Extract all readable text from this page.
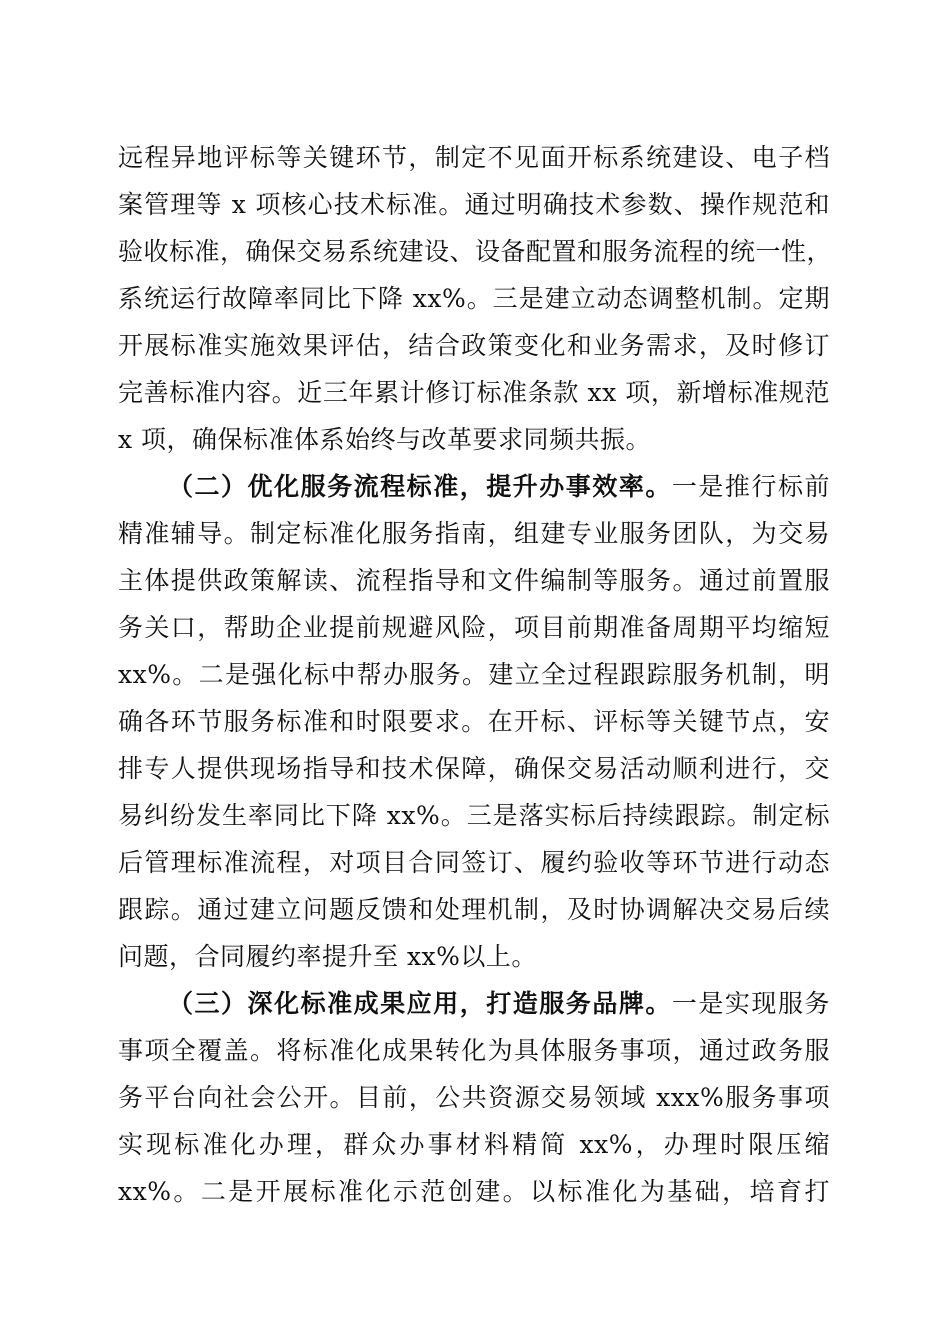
远程异地评标等关键环节，制定不见面开标系统建设、电子档
案管理等 x 项核心技术标准。通过明确技术参数、操作规范和
验收标准，确保交易系统建设、设备配置和服务流程的统一性，
系统运行故障率同比下降 xx%。三是建立动态调整机制。定期
开展标准实施效果评估，结合政策变化和业务需求，及时修订
完善标准内容。近三年累计修订标准条款 xx 项，新增标准规范
x 项，确保标准体系始终与改革要求同频共振。
（二）优化服务流程标准，提升办事效率。一是推行标前
精准辅导。制定标准化服务指南，组建专业服务团队，为交易
主体提供政策解读、流程指导和文件编制等服务。通过前置服
务关口，帮助企业提前规避风险，项目前期准备周期平均缩短
xx%。二是强化标中帮办服务。建立全过程跟踪服务机制，明
确各环节服务标准和时限要求。在开标、评标等关键节点，安
排专人提供现场指导和技术保障，确保交易活动顺利进行，交
易纠纷发生率同比下降 xx%。三是落实标后持续跟踪。制定标
后管理标准流程，对项目合同签订、履约验收等环节进行动态
跟踪。通过建立问题反馈和处理机制，及时协调解决交易后续
问题，合同履约率提升至 xx%以上。
（三）深化标准成果应用，打造服务品牌。一是实现服务
事项全覆盖。将标准化成果转化为具体服务事项，通过政务服
务平台向社会公开。目前，公共资源交易领域 xxx%服务事项
实现标准化办理，群众办事材料精简 xx%，办理时限压缩
xx%。二是开展标准化示范创建。以标准化为基础，培育打
